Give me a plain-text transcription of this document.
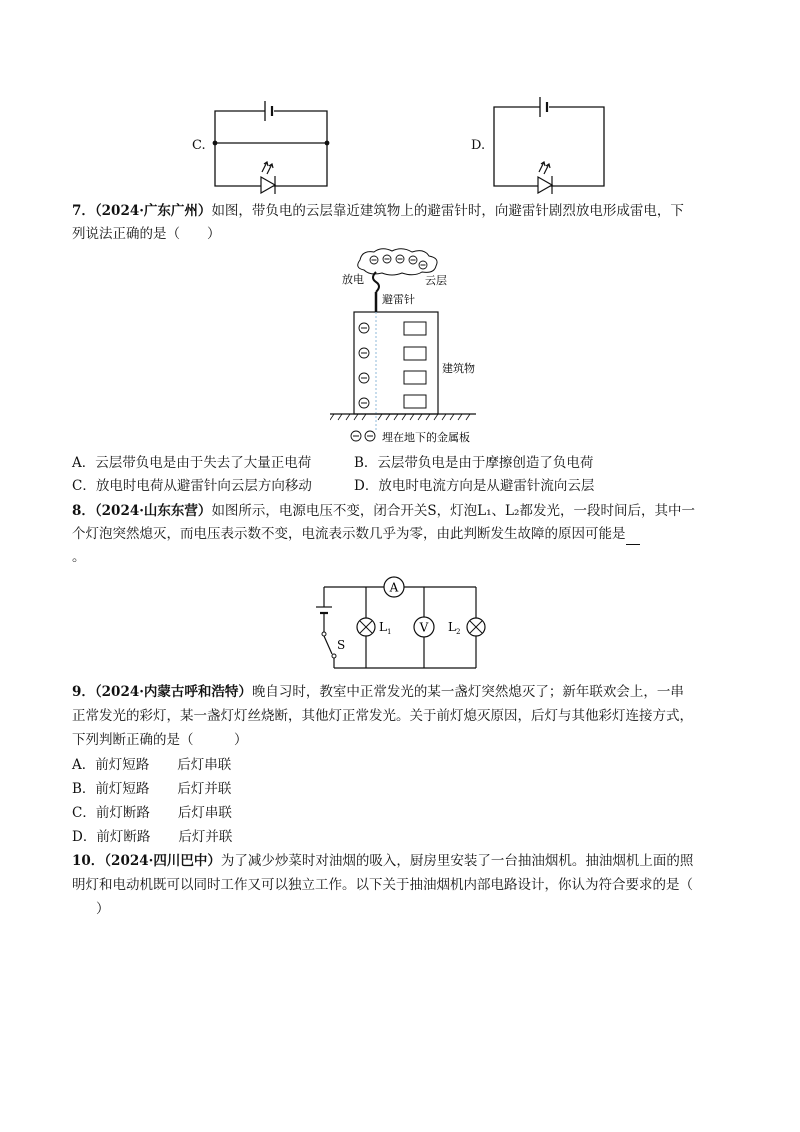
C.	D.
7．（2024·广东广州）如图，带负电的云层靠近建筑物上的避雷针时，向避雷针剧烈放电形成雷电，下
列说法正确的是（　　）
放电	云层
避雷针
建筑物
埋在地下的金属板
A．云层带负电是由于失去了大量正电荷	B．云层带负电是由于摩擦创造了负电荷
C．放电时电荷从避雷针向云层方向移动	D．放电时电流方向是从避雷针流向云层
8．（2024·山东东营）如图所示，电源电压不变，闭合开关S，灯泡L₁、L₂都发光，一段时间后，其中一
个灯泡突然熄灭，而电压表示数不变，电流表示数几乎为零，由此判断发生故障的原因可能是
。
A
$L_1$ V $L_2$
S
9．（2024·内蒙古呼和浩特）晚自习时，教室中正常发光的某一盏灯突然熄灭了；新年联欢会上，一串
正常发光的彩灯，某一盏灯灯丝烧断，其他灯正常发光。关于前灯熄灭原因，后灯与其他彩灯连接方式，
下列判断正确的是（　　　）
A．前灯短路 后灯串联
B．前灯短路 后灯并联
C．前灯断路 后灯串联
D．前灯断路 后灯并联
10．（2024·四川巴中）为了减少炒菜时对油烟的吸入，厨房里安装了一台抽油烟机。抽油烟机上面的照
明灯和电动机既可以同时工作又可以独立工作。以下关于抽油烟机内部电路设计，你认为符合要求的是（
）
